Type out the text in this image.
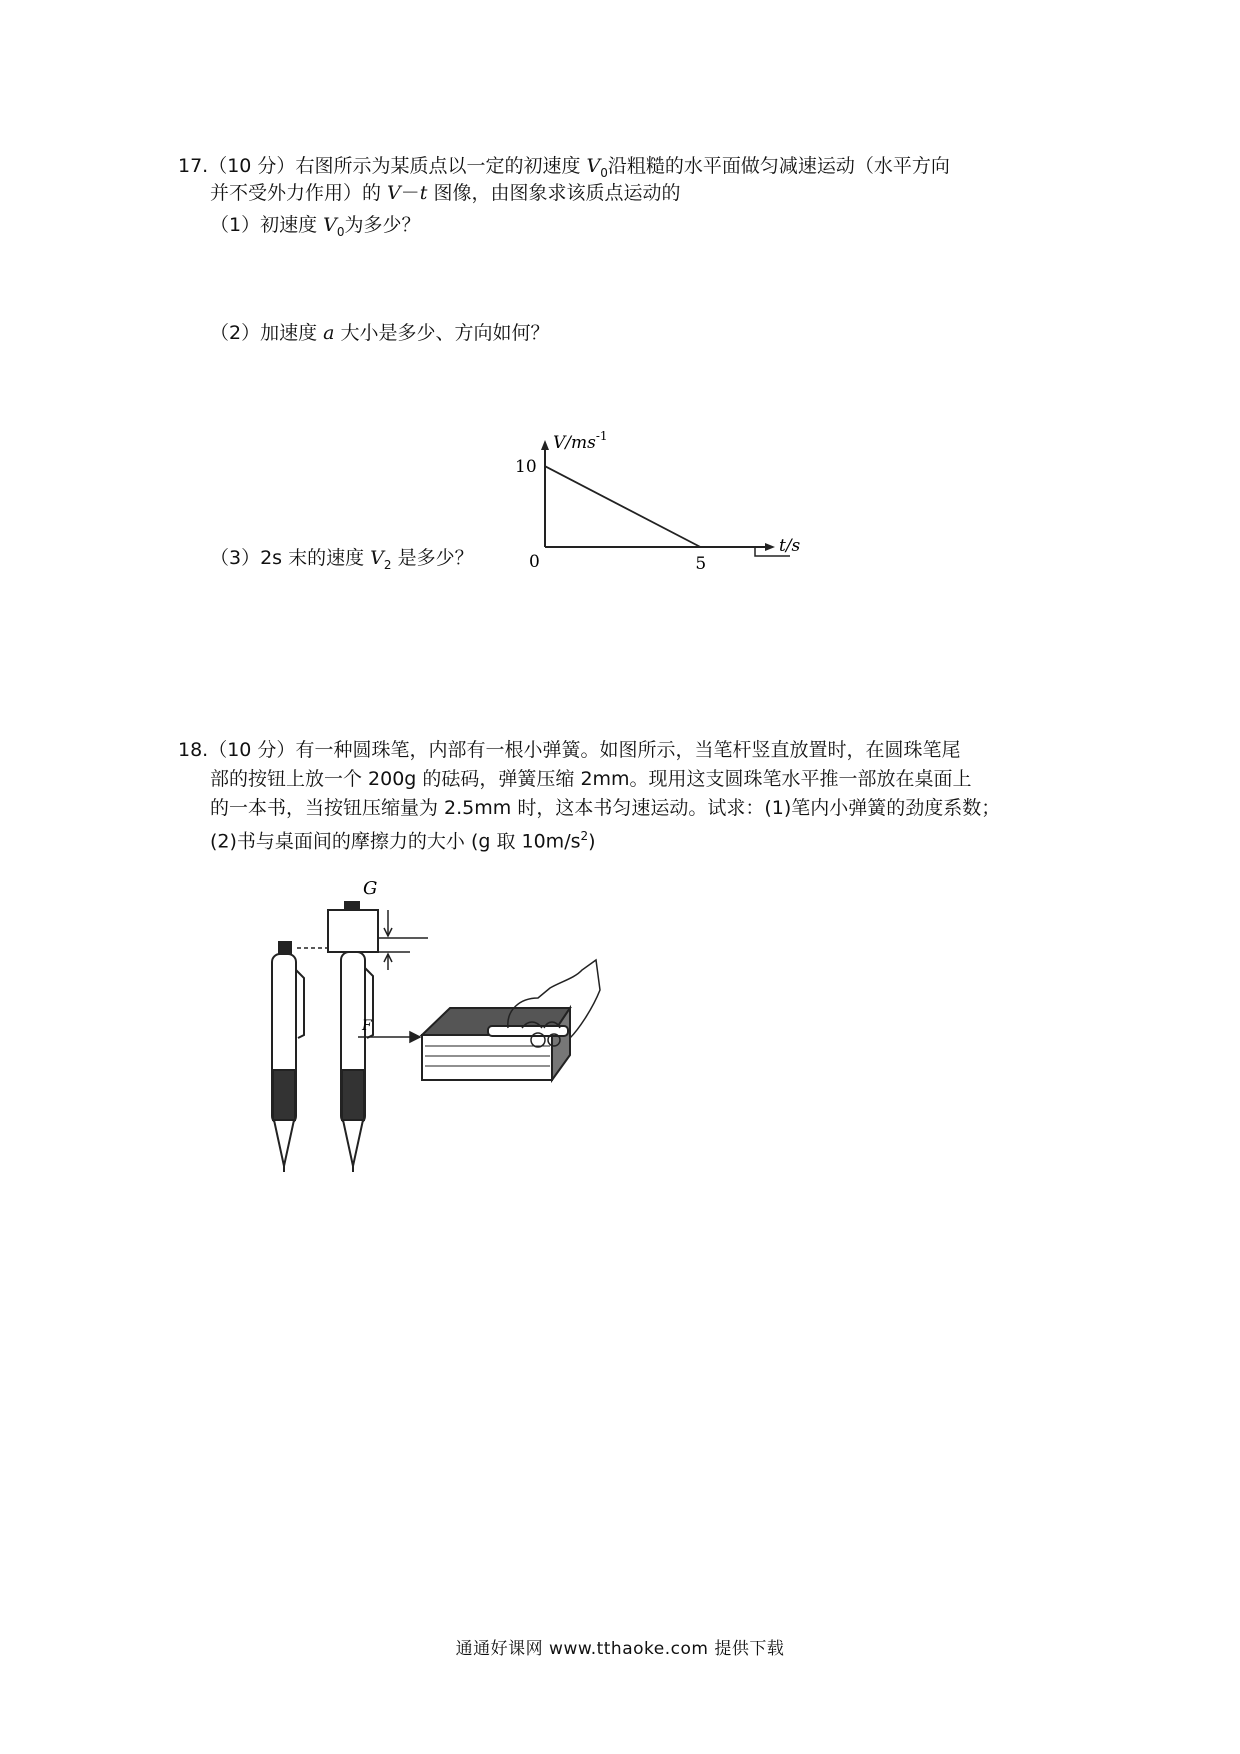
17.（10 分）右图所示为某质点以一定的初速度 $V_0$沿粗糙的水平面做匀减速运动（水平方向
并不受外力作用）的 V－t 图像，由图象求该质点运动的
（1）初速度 $V_0$为多少？
（2）加速度 a 大小是多少、方向如何？
（3）2s 末的速度 $V_2$ 是多少？
$V/ms^{-1}$
t/s
0	5
10
18.（10 分）有一种圆珠笔，内部有一根小弹簧。如图所示，当笔杆竖直放置时，在圆珠笔尾
部的按钮上放一个 200g 的砝码，弹簧压缩 2mm。现用这支圆珠笔水平推一部放在桌面上
的一本书，当按钮压缩量为 2.5mm 时，这本书匀速运动。试求：(1)笔内小弹簧的劲度系数；
(2)书与桌面间的摩擦力的大小 (g 取 $10m/s^2$)
G
F
通通好课网 www.tthaoke.com 提供下载
